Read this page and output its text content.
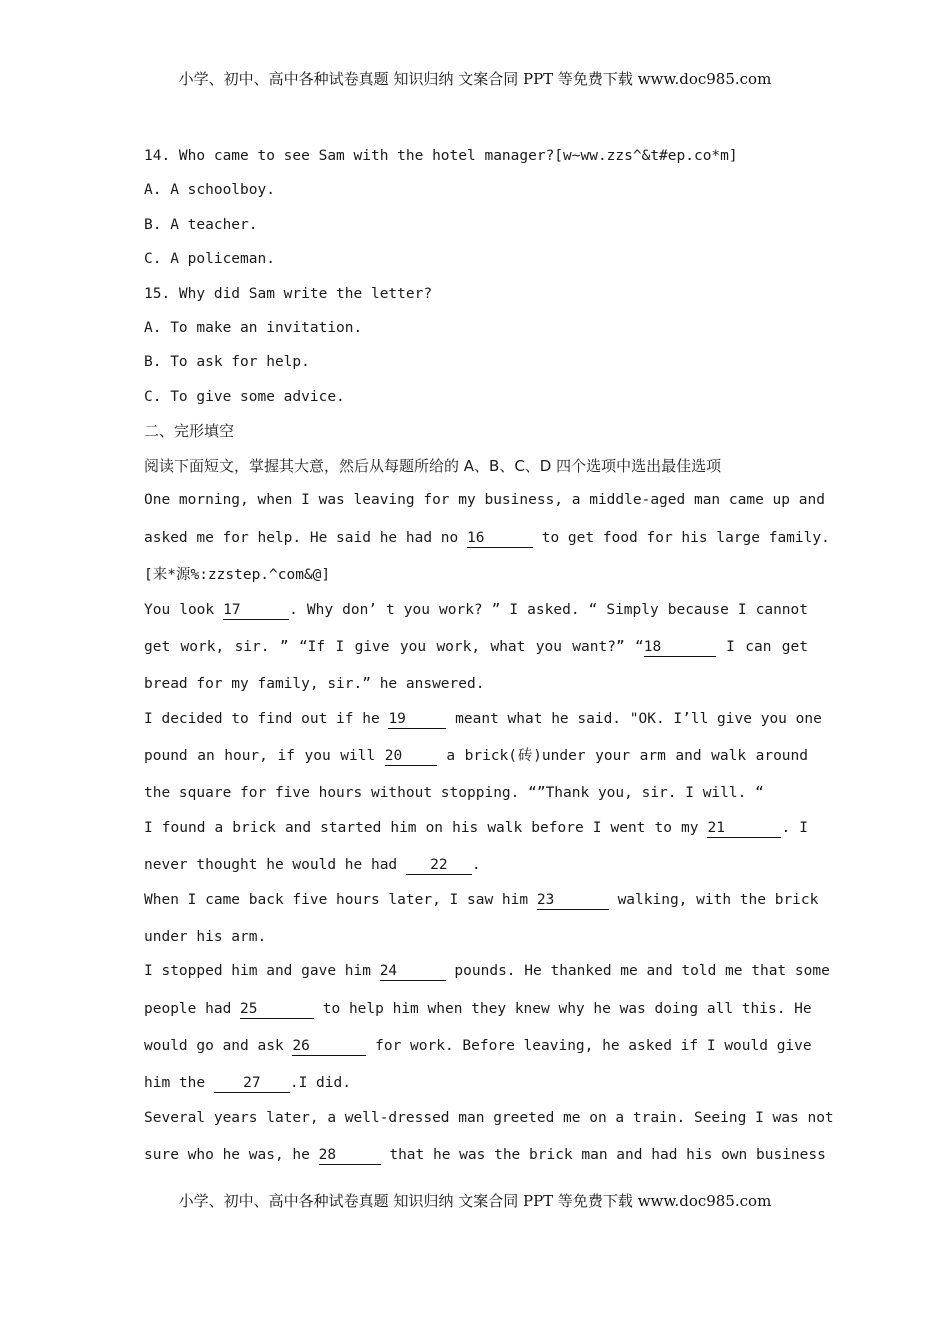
小学、初中、高中各种试卷真题 知识归纳 文案合同 PPT 等免费下载 www.doc985.com
14. Who came to see Sam with the hotel manager?[w~ww.zzs^&t#ep.co*m]
A. A schoolboy.
B. A teacher.
C. A policeman.
15. Why did Sam write the letter?
A. To make an invitation.
B. To ask for help.
C. To give some advice.
二、完形填空
阅读下面短文，掌握其大意，然后从每题所给的 A、B、C、D 四个选项中选出最佳选项
One morning, when I was leaving for my business, a middle-aged man came up and
asked me for help. He said he had no 16	to get food for his large family.
[来*源%:zzstep.^com&@]
You look 17	. Why don’ t you work? ” I asked. “ Simply because I cannot
get work, sir. ” “If I give you work, what you want?” “18	I can get
bread for my family, sir.” he answered.
I decided to find out if he 19	meant what he said. "OK. I’ll give you one
pound an hour, if you will 20 a brick(砖)under your arm and walk around
the square for five hours without stopping. “”Thank you, sir. I will. “
I found a brick and started him on his walk before I went to my 21	. I
never thought he would he had 22 .
When I came back five hours later, I saw him 23	walking, with the brick
under his arm.
I stopped him and gave him 24	pounds. He thanked me and told me that some
people had 25	to help him when they knew why he was doing all this. He
would go and ask 26	for work. Before leaving, he asked if I would give
him the 27 .I did.
Several years later, a well-dressed man greeted me on a train. Seeing I was not
sure who he was, he 28	that he was the brick man and had his own business
小学、初中、高中各种试卷真题 知识归纳 文案合同 PPT 等免费下载 www.doc985.com
